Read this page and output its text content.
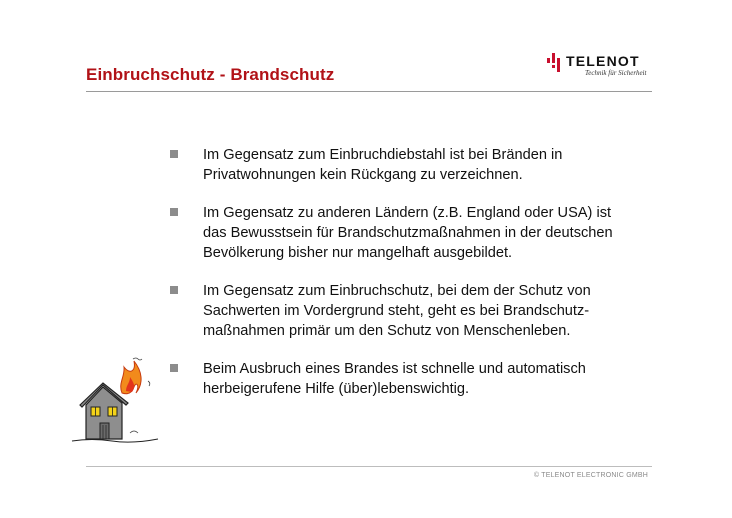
Einbruchschutz - Brandschutz
TELENOT
Technik für Sicherheit
Im Gegensatz zum Einbruchdiebstahl ist bei Bränden in
Privatwohnungen kein Rückgang zu verzeichnen.
Im Gegensatz zu anderen Ländern (z.B. England oder USA) ist
das Bewusstsein für Brandschutzmaßnahmen in der deutschen
Bevölkerung bisher nur mangelhaft ausgebildet.
Im Gegensatz zum Einbruchschutz, bei dem der Schutz von
Sachwerten im Vordergrund steht, geht es bei Brandschutz-
maßnahmen primär um den Schutz von Menschenleben.
Beim Ausbruch eines Brandes ist schnelle und automatisch
herbeigerufene Hilfe (über)lebenswichtig.
© TELENOT ELECTRONIC GMBH
